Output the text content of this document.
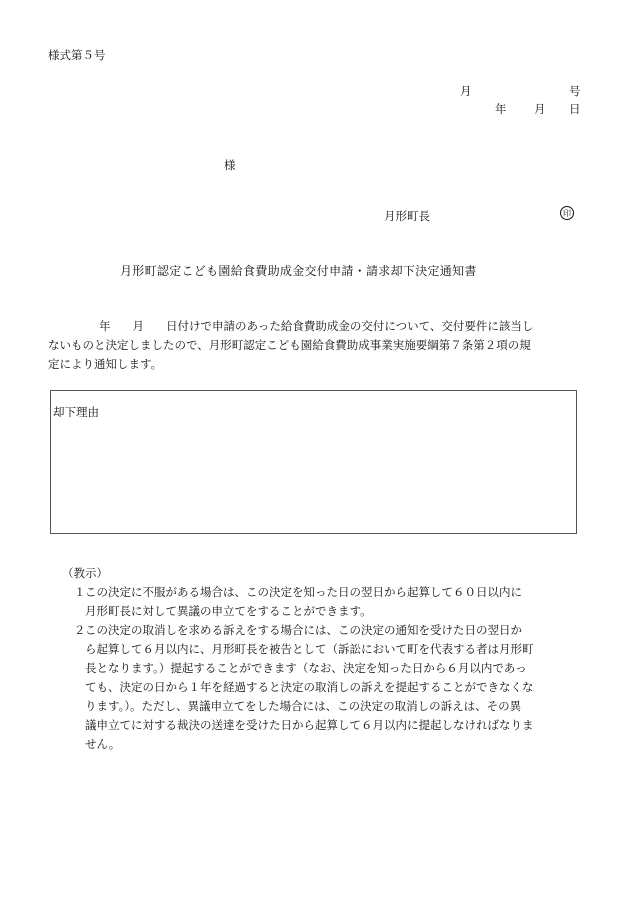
様式第５号
月	号
年 月 日
様
月形町長	印
月形町認定こども園給食費助成金交付申請・請求却下決定通知書
年 月 日付けで申請のあった給食費助成金の交付について、交付要件に該当し
ないものと決定しましたので、月形町認定こども園給食費助成事業実施要綱第７条第２項の規
定により通知します。
却下理由
（教示）
１ この決定に不服がある場合は、この決定を知った日の翌日から起算して６０日以内に
月形町長に対して異議の申立てをすることができます。
２ この決定の取消しを求める訴えをする場合には、この決定の通知を受けた日の翌日か
ら起算して６月以内に、月形町長を被告として（訴訟において町を代表する者は月形町
長となります。）提起することができます（なお、決定を知った日から６月以内であっ
ても、決定の日から１年を経過すると決定の取消しの訴えを提起することができなくな
ります。）。ただし、異議申立てをした場合には、この決定の取消しの訴えは、その異
議申立てに対する裁決の送達を受けた日から起算して６月以内に提起しなければなりま
せん。
